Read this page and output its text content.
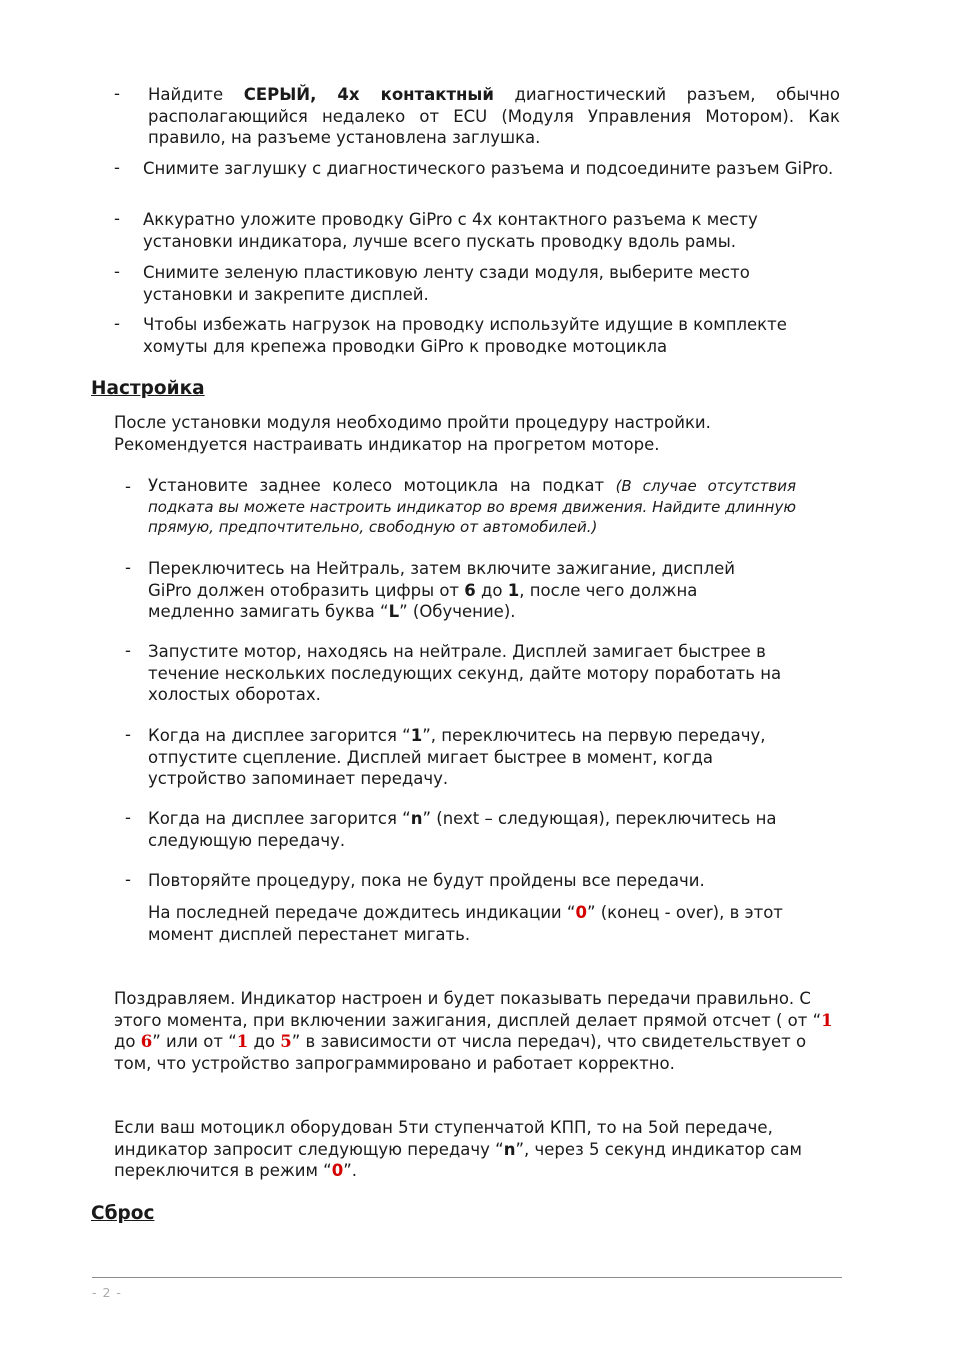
-	Найдите СЕРЫЙ, 4х контактный диагностический разъем, обычно располагающийся недалеко от ECU (Модуля Управления Мотором). Как правило, на разъеме установлена заглушка.
-	Снимите заглушку с диагностического разъема и подсоедините разъем GiPro.
-	Аккуратно уложите проводку GiPro с 4х контактного разъема к месту установки индикатора, лучше всего пускать проводку вдоль рамы.
-	Снимите зеленую пластиковую ленту сзади модуля, выберите место установки и закрепите дисплей.
-	Чтобы избежать нагрузок на проводку используйте идущие в комплекте хомуты для крепежа проводки GiPro к проводке мотоцикла
Настройка
После установки модуля необходимо пройти процедуру настройки. Рекомендуется настраивать индикатор на прогретом моторе.
-	Установите заднее колесо мотоцикла на подкат (В случае отсутствия подката вы можете настроить индикатор во время движения. Найдите длинную прямую, предпочтительно, свободную от автомобилей.)
-	Переключитесь на Нейтраль, затем включите зажигание, дисплей GiPro должен отобразить цифры от 6 до 1, после чего должна медленно замигать буква “L” (Обучение).
-	Запустите мотор, находясь на нейтрале. Дисплей замигает быстрее в течение нескольких последующих секунд, дайте мотору поработать на холостых оборотах.
-	Когда на дисплее загорится “1”, переключитесь на первую передачу, отпустите сцепление. Дисплей мигает быстрее в момент, когда устройство запоминает передачу.
-	Когда на дисплее загорится “n” (next – следующая), переключитесь на следующую передачу.
-	Повторяйте процедуру, пока не будут пройдены все передачи.
На последней передаче дождитесь индикации “0” (конец - over), в этот момент дисплей перестанет мигать.
Поздравляем. Индикатор настроен и будет показывать передачи правильно. С этого момента, при включении зажигания, дисплей делает прямой отсчет ( от “1 до 6” или от “1 до 5” в зависимости от числа передач), что свидетельствует о том, что устройство запрограммировано и работает корректно.
Если ваш мотоцикл оборудован 5ти ступенчатой КПП, то на 5ой передаче, индикатор запросит следующую передачу “n”, через 5 секунд индикатор сам переключится в режим “0”.
Сброс
- 2 -
